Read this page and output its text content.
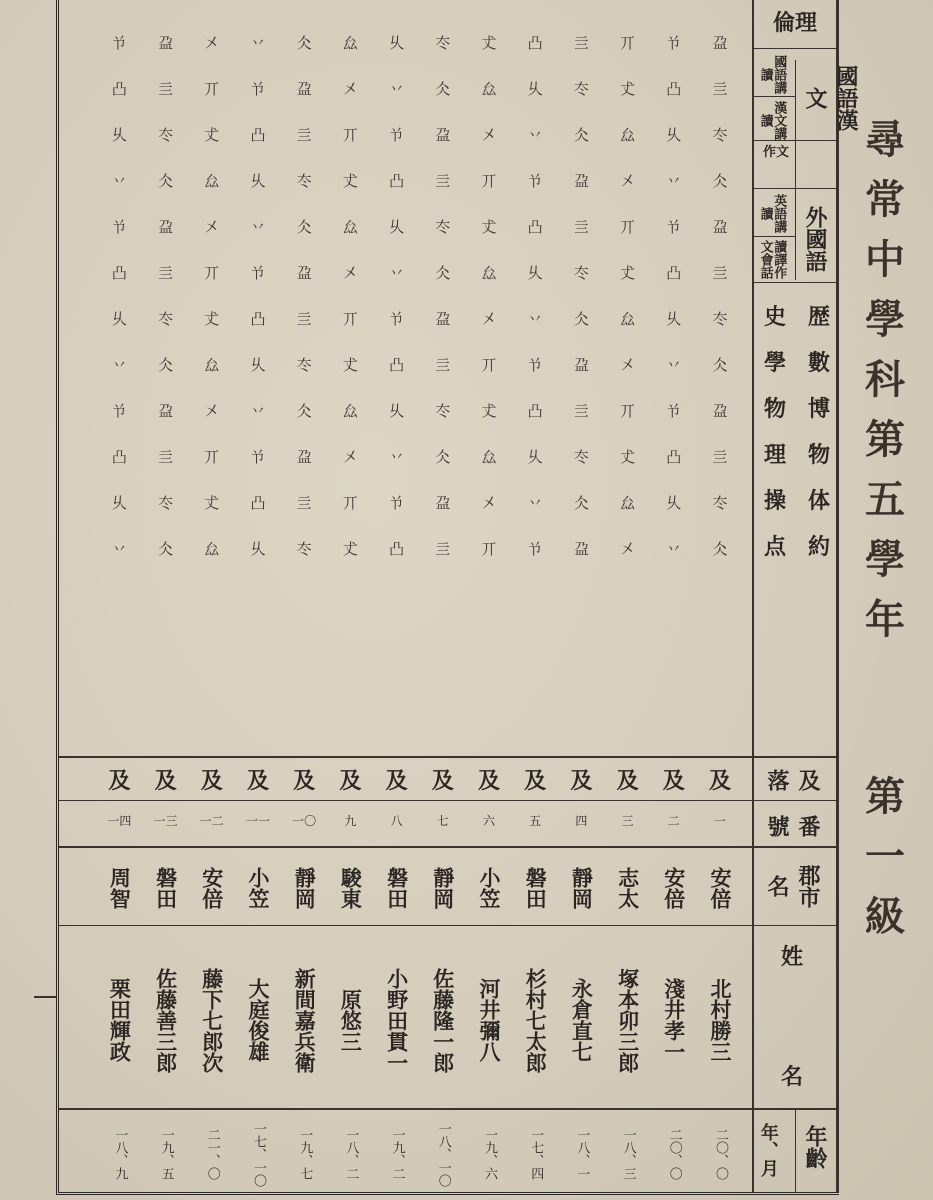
尋
常
中
學
科
第
五
學
年
第
一
級
倫理
國語漢文
國語講讀
漢文講讀
作文
外國語
英語講讀
讀譯作文會話
歴
數
博
物
体
約
史
學
物
理
操
点
及落
番號
郡市名
姓
名
年齡
年、月
盁
亖
冭
仌
盁
亖
冭
仌
盁
亖
冭
仌
兯
凸
乆
丷
兯
凸
乆
丷
兯
凸
乆
丷
丌
𠀋
厽
㐅
丌
𠀋
厽
㐅
丌
𠀋
厽
㐅
亖
冭
仌
盁
亖
冭
仌
盁
亖
冭
仌
盁
凸
乆
丷
兯
凸
乆
丷
兯
凸
乆
丷
兯
𠀋
厽
㐅
丌
𠀋
厽
㐅
丌
𠀋
厽
㐅
丌
冭
仌
盁
亖
冭
仌
盁
亖
冭
仌
盁
亖
乆
丷
兯
凸
乆
丷
兯
凸
乆
丷
兯
凸
厽
㐅
丌
𠀋
厽
㐅
丌
𠀋
厽
㐅
丌
𠀋
仌
盁
亖
冭
仌
盁
亖
冭
仌
盁
亖
冭
丷
兯
凸
乆
丷
兯
凸
乆
丷
兯
凸
乆
㐅
丌
𠀋
厽
㐅
丌
𠀋
厽
㐅
丌
𠀋
厽
盁
亖
冭
仌
盁
亖
冭
仌
盁
亖
冭
仌
兯
凸
乆
丷
兯
凸
乆
丷
兯
凸
乆
丷
及
一
安倍
北村勝三
二〇、〇
及
二
安倍
淺井孝一
二〇、〇
及
三
志太
塚本卯三郎
一八、三
及
四
靜岡
永倉直七
一八、一
及
五
磐田
杉村七太郎
一七、四
及
六
小笠
河井彌八
一九、六
及
七
靜岡
佐藤隆一郎
一八、一〇
及
八
磐田
小野田貫一
一九、二
及
九
駿東
原悠三
一八、二
及
一〇
靜岡
新間嘉兵衛
一九、七
及
一一
小笠
大庭俊雄
一七、一〇
及
一二
安倍
藤下七郎次
二一、〇
及
一三
磐田
佐藤善三郎
一九、五
及
一四
周智
栗田輝政
一八、九
